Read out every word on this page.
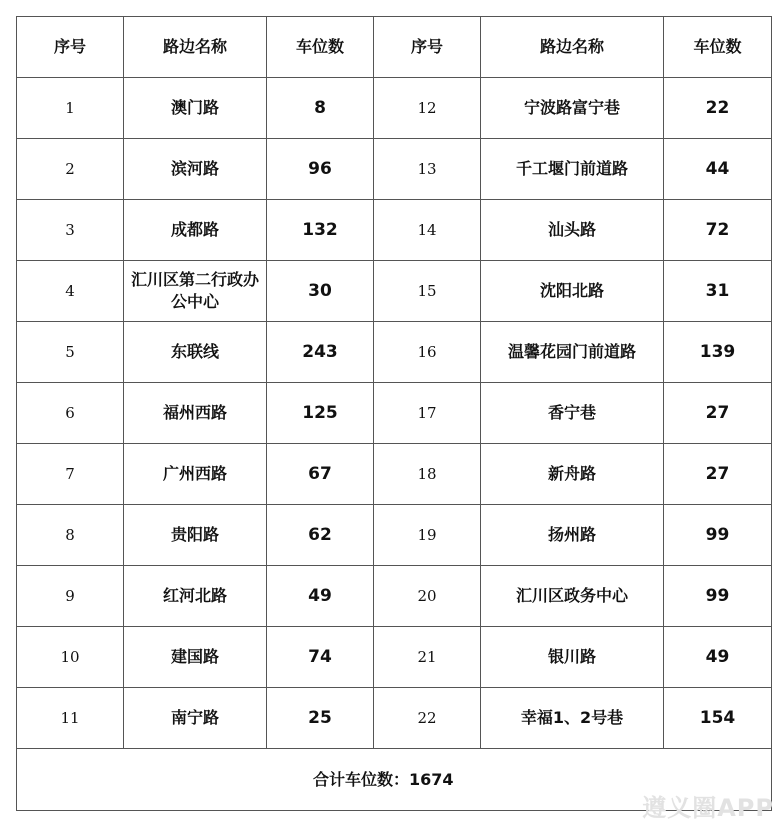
序号	路边名称	车位数	序号	路边名称	车位数
1	澳门路	8	12	宁波路富宁巷	22
2	滨河路	96	13	千工堰门前道路	44
3	成都路	132	14	汕头路	72
4	汇川区第二行政办公中心	30	15	沈阳北路	31
5	东联线	243	16	温馨花园门前道路	139
6	福州西路	125	17	香宁巷	27
7	广州西路	67	18	新舟路	27
8	贵阳路	62	19	扬州路	99
9	红河北路	49	20	汇川区政务中心	99
10	建国路	74	21	银川路	49
11	南宁路	25	22	幸福1、2号巷	154
合计车位数：1674					
遵义圈APP
